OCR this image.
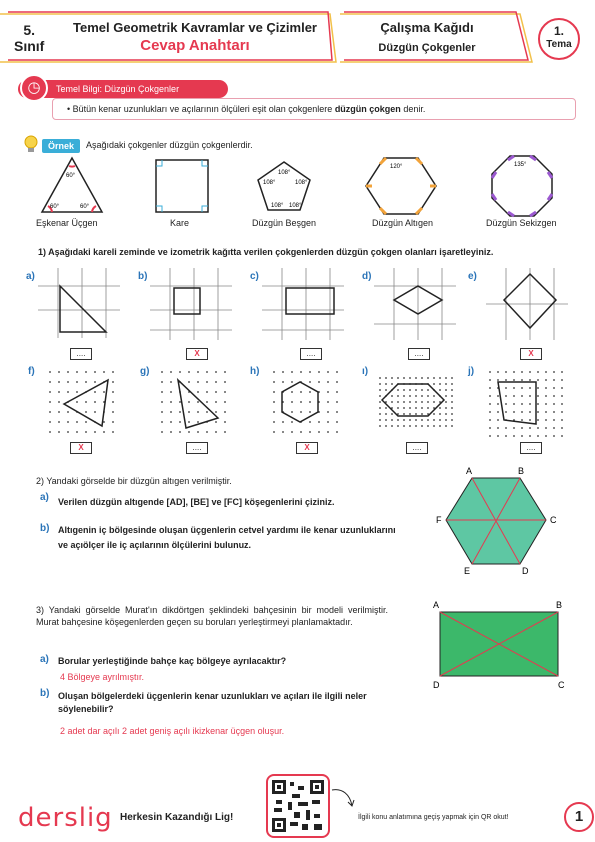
5.
Sınıf
Temel Geometrik Kavramlar ve Çizimler
Cevap Anahtarı
Çalışma Kağıdı
Düzgün Çokgenler
1.
Tema
Temel Bilgi: Düzgün Çokgenler
◷
• Bütün kenar uzunlukları ve açılarının ölçüleri eşit olan çokgenlere düzgün çokgen denir.
Örnek	Aşağıdaki çokgenler düzgün çokgenlerdir.
60°
60°	60°
108°
108°	108°
108° 108°
120°	135°
Eşkenar Üçgen	Kare	Düzgün Beşgen	Düzgün Altıgen	Düzgün Sekizgen
1) Aşağıdaki kareli zeminde ve izometrik kağıtta verilen çokgenlerden düzgün çokgen olanları işaretleyiniz.
a)	b)	c)	d)	e)
....	X	....	....	X
f)	g)	h)	ı)	j)
X	....	X	....	....
2) Yandaki görselde bir düzgün altıgen verilmiştir.
a) Verilen düzgün altıgende [AD], [BE] ve [FC] köşegenlerini çiziniz.
b) Altıgenin iç bölgesinde oluşan üçgenlerin cetvel yardımı ile kenar uzunluklarını ve açıölçer ile iç açılarının ölçülerini bulunuz.
A	B
C
D
E
F
3) Yandaki görselde Murat'ın dikdörtgen şeklindeki bahçesinin bir modeli verilmiştir. Murat bahçesine köşegenlerden geçen su boruları yerleştirmeyi planlamaktadır.
a) Borular yerleştiğinde bahçe kaç bölgeye ayrılacaktır?
4 Bölgeye ayrılmıştır.
b) Oluşan bölgelerdeki üçgenlerin kenar uzunlukları ve açıları ile ilgili neler söylenebilir?
2 adet dar açılı 2 adet geniş açılı ikizkenar üçgen oluşur.
A	B
C
D
derslig Herkesin Kazandığı Lig!	İlgili konu anlatımına geçiş yapmak için QR okut!	1
